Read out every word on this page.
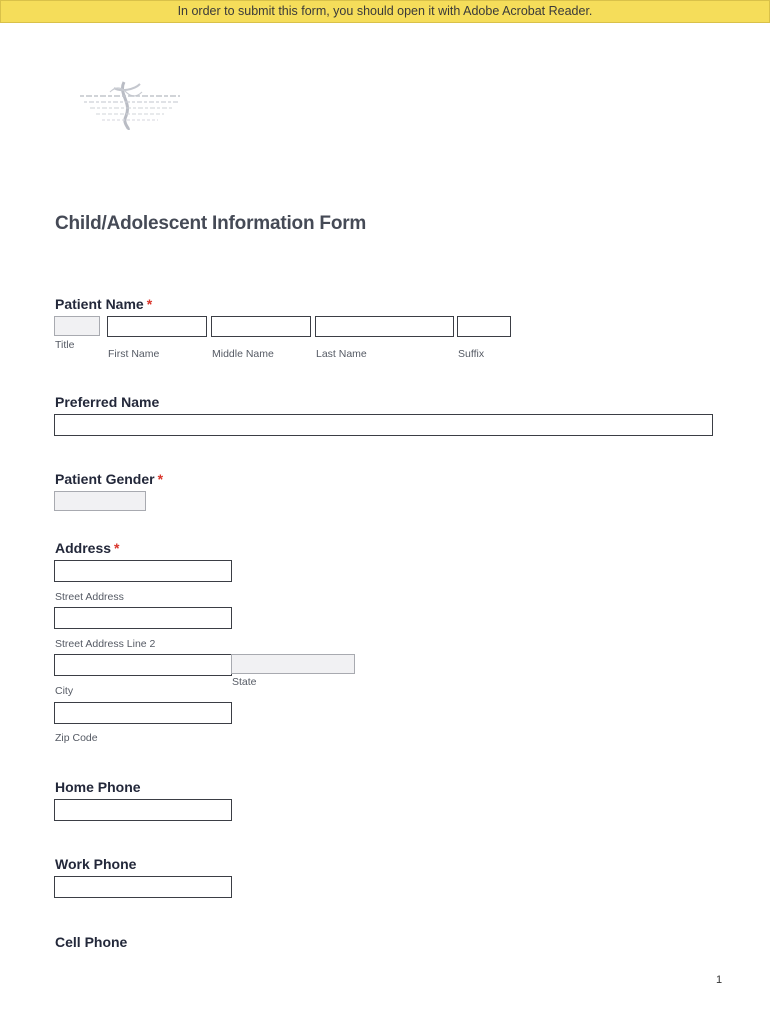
In order to submit this form, you should open it with Adobe Acrobat Reader.
Child/Adolescent Information Form
Patient Name *

Title

First Name	Middle Name	Last Name	Suffix

Preferred Name
Patient Gender *
Address *

Street Address

Street Address Line 2

State

City

Zip Code

Home Phone
Work Phone
Cell Phone
1
